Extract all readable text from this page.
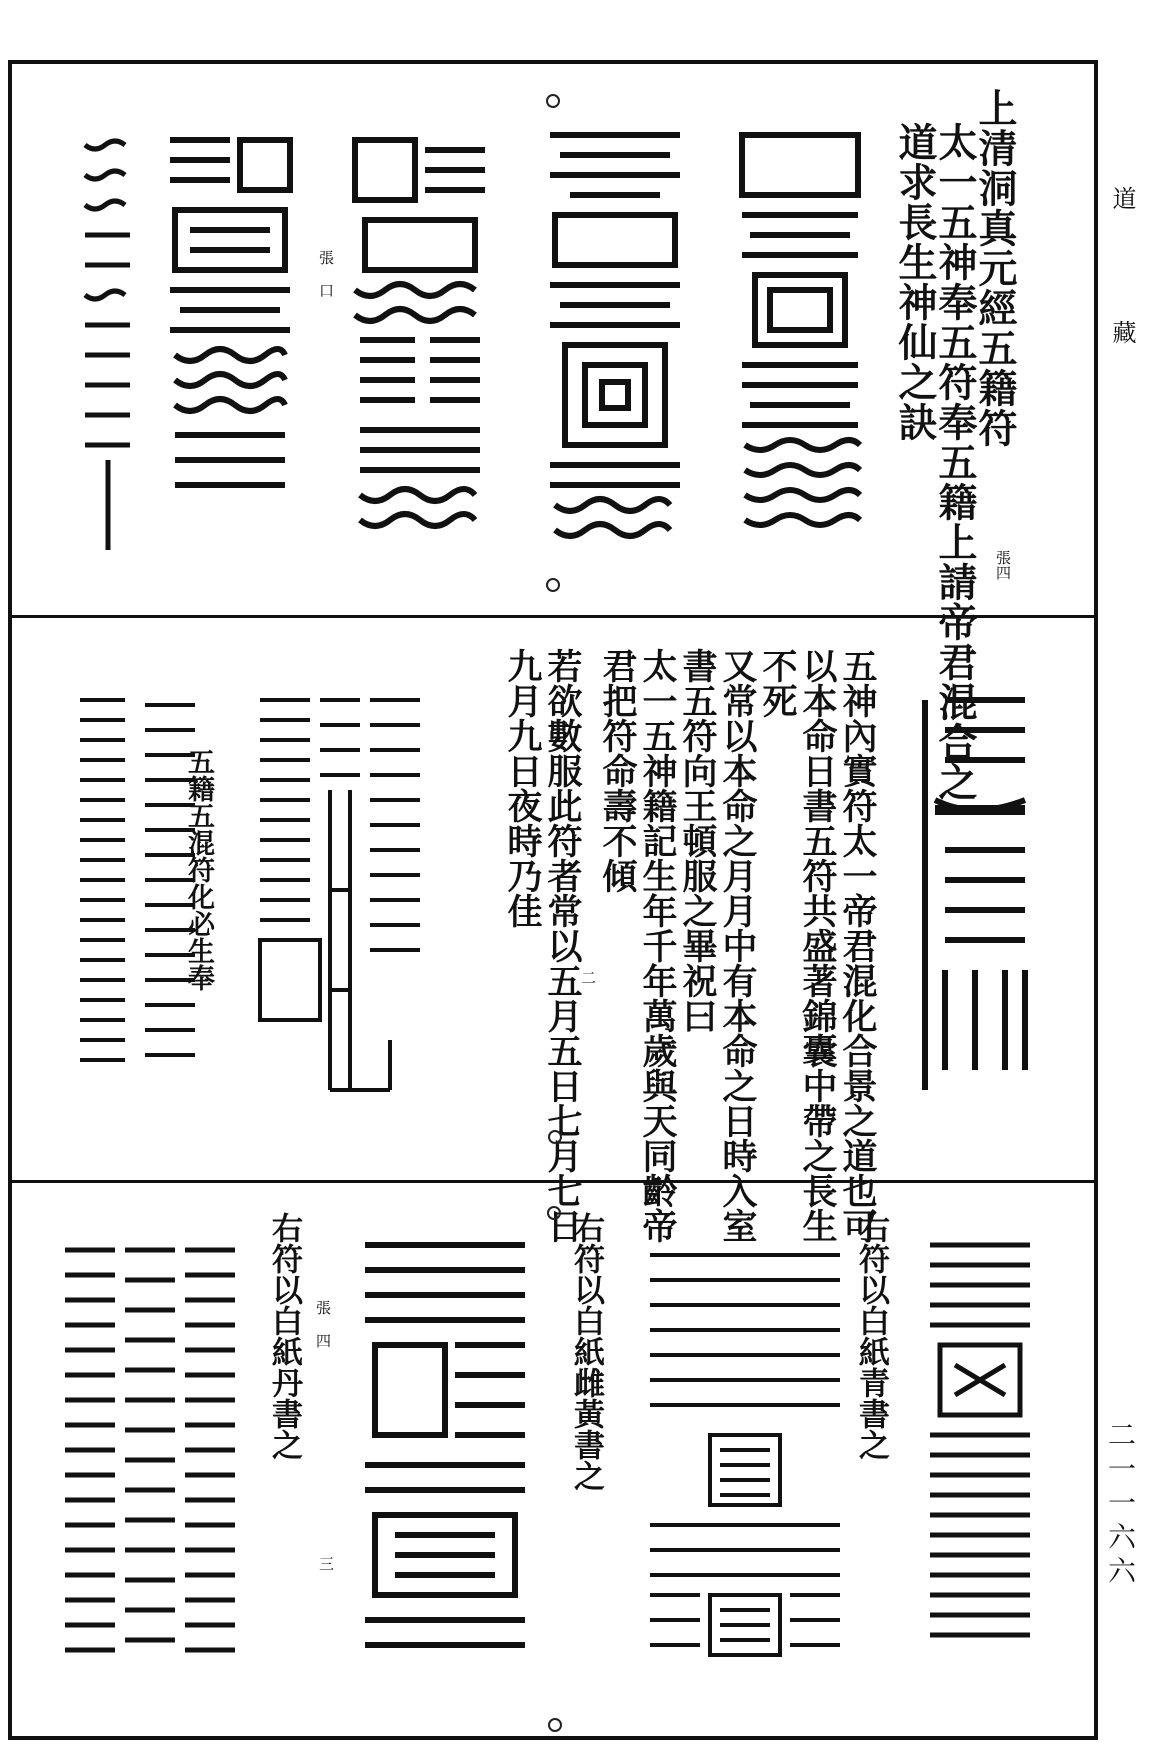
道
藏
二一一六六
上清洞真元經五籍符
太一五神奉五符奉五籍上請帝君混合之
道求長生神仙之訣
張四
張 口
五神內實符太一帝君混化合景之道也可
以本命日書五符共盛著錦囊中帶之長生
不死
又常以本命之月月中有本命之日時入室
書五符向王頓服之畢祝曰
太一五神籍記生年千年萬歲與天同齡帝
君把符命壽不傾
若欲數服此符者常以五月五日七月七日
九月九日夜時乃佳
五籍五混符化必生奉	二
右符以白紙青書之
右符以白紙雌黃書之
右符以白紙丹書之 張 四
三
